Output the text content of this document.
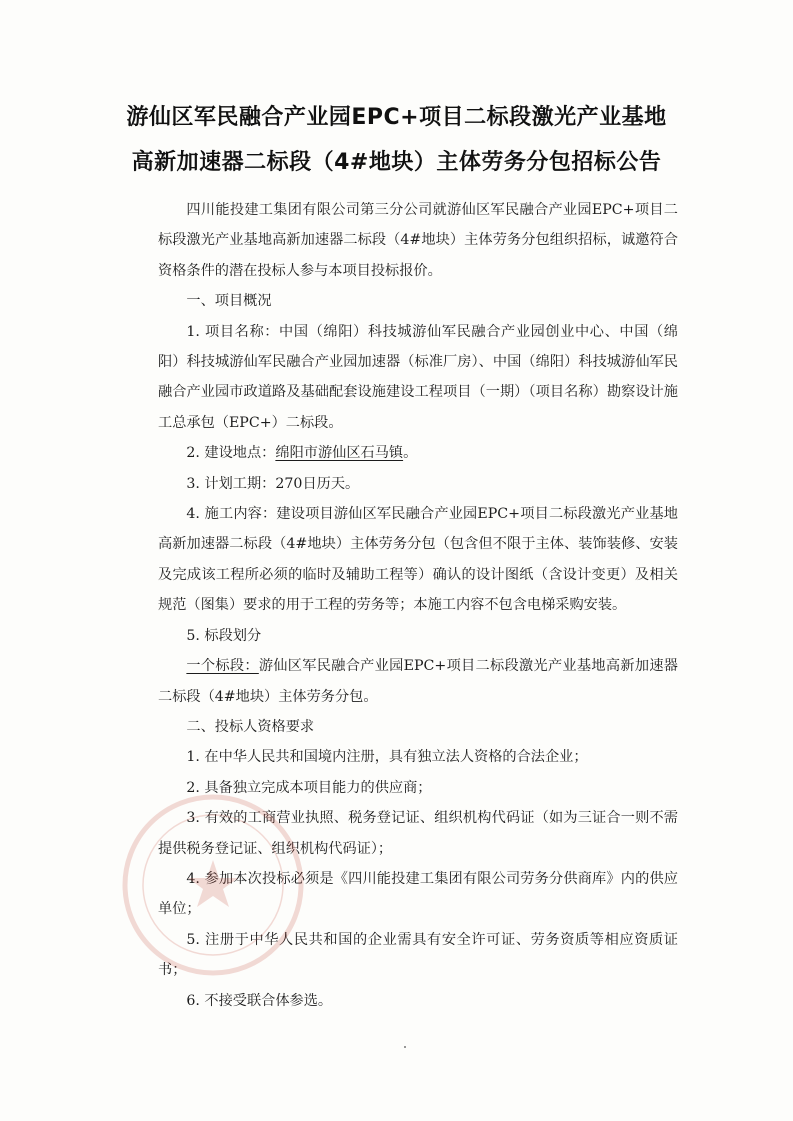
游仙区军民融合产业园EPC+项目二标段激光产业基地
高新加速器二标段（4#地块）主体劳务分包招标公告

四川能投建工集团有限公司第三分公司就游仙区军民融合产业园EPC+项目二标段激光产业基地高新加速器二标段（4#地块）主体劳务分包组织招标，诚邀符合资格条件的潜在投标人参与本项目投标报价。

一、项目概况

1. 项目名称：中国（绵阳）科技城游仙军民融合产业园创业中心、中国（绵阳）科技城游仙军民融合产业园加速器（标准厂房）、中国（绵阳）科技城游仙军民融合产业园市政道路及基础配套设施建设工程项目（一期）（项目名称）勘察设计施工总承包（EPC+）二标段。

2. 建设地点：绵阳市游仙区石马镇。

3. 计划工期：270日历天。

4. 施工内容：建设项目游仙区军民融合产业园EPC+项目二标段激光产业基地高新加速器二标段（4#地块）主体劳务分包（包含但不限于主体、装饰装修、安装及完成该工程所必须的临时及辅助工程等）确认的设计图纸（含设计变更）及相关规范（图集）要求的用于工程的劳务等；本施工内容不包含电梯采购安装。

5. 标段划分

一个标段：游仙区军民融合产业园EPC+项目二标段激光产业基地高新加速器二标段（4#地块）主体劳务分包。

二、投标人资格要求

1. 在中华人民共和国境内注册，具有独立法人资格的合法企业；

2. 具备独立完成本项目能力的供应商；

3. 有效的工商营业执照、税务登记证、组织机构代码证（如为三证合一则不需提供税务登记证、组织机构代码证）；

4. 参加本次投标必须是《四川能投建工集团有限公司劳务分供商库》内的供应单位；

5. 注册于中华人民共和国的企业需具有安全许可证、劳务资质等相应资质证书；

6. 不接受联合体参选。
